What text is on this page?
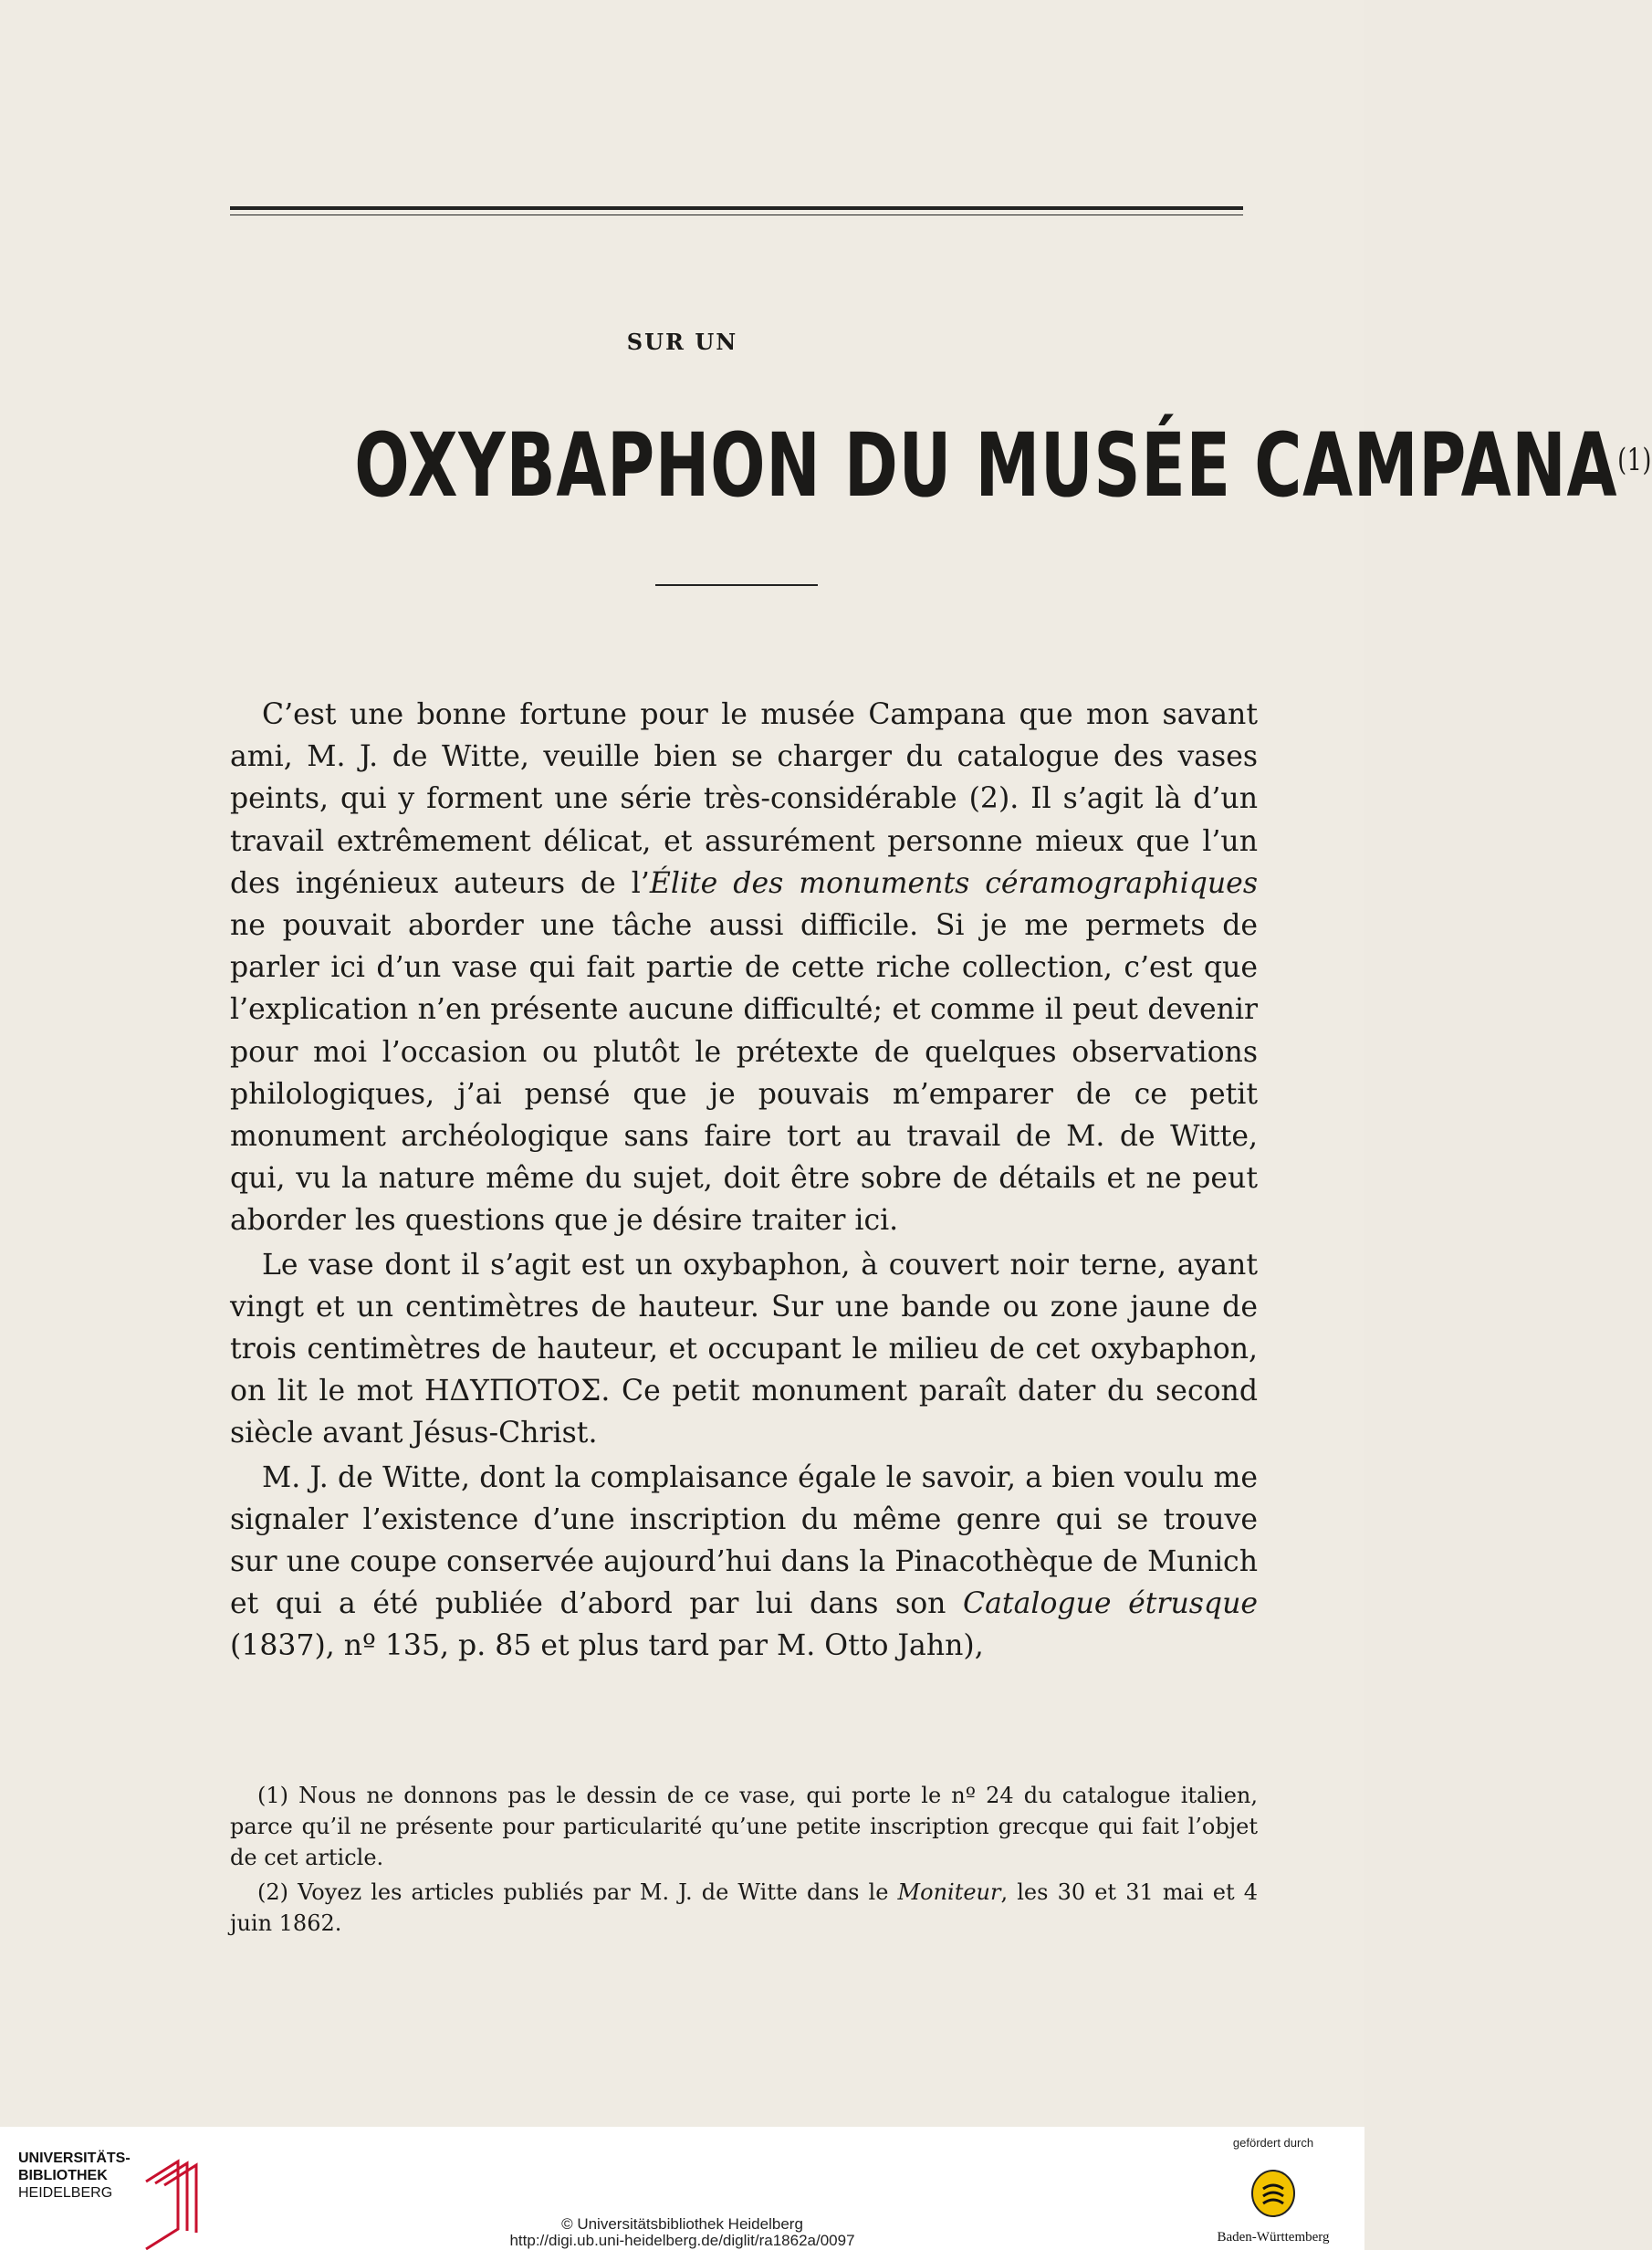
SUR UN
OXYBAPHON DU MUSÉE CAMPANA$^{(1)}$

C’est une bonne fortune pour le musée Campana que mon savant ami, M. J. de Witte, veuille bien se charger du catalogue des vases peints, qui y forment une série très-considérable (2). Il s’agit là d’un travail extrêmement délicat, et assurément personne mieux que l’un des ingénieux auteurs de l’Élite des monuments céramographiques ne pouvait aborder une tâche aussi difficile. Si je me permets de parler ici d’un vase qui fait partie de cette riche collection, c’est que l’explication n’en présente aucune difficulté; et comme il peut devenir pour moi l’occasion ou plutôt le prétexte de quelques observations philologiques, j’ai pensé que je pouvais m’emparer de ce petit monument archéologique sans faire tort au travail de M. de Witte, qui, vu la nature même du sujet, doit être sobre de détails et ne peut aborder les questions que je désire traiter ici.

Le vase dont il s’agit est un oxybaphon, à couvert noir terne, ayant vingt et un centimètres de hauteur. Sur une bande ou zone jaune de trois centimètres de hauteur, et occupant le milieu de cet oxybaphon, on lit le mot ΗΔΥΠΟΤΟΣ. Ce petit monument paraît dater du second siècle avant Jésus-Christ.

M. J. de Witte, dont la complaisance égale le savoir, a bien voulu me signaler l’existence d’une inscription du même genre qui se trouve sur une coupe conservée aujourd’hui dans la Pinacothèque de Munich et qui a été publiée d’abord par lui dans son Catalogue étrusque (1837), nº 135, p. 85 et plus tard par M. Otto Jahn),

(1) Nous ne donnons pas le dessin de ce vase, qui porte le nº 24 du catalogue italien, parce qu’il ne présente pour particularité qu’une petite inscription grecque qui fait l’objet de cet article.

(2) Voyez les articles publiés par M. J. de Witte dans le Moniteur, les 30 et 31 mai et 4 juin 1862.

UNIVERSITÄTS-
BIBLIOTHEK
HEIDELBERG
© Universitätsbibliothek Heidelberg
http://digi.ub.uni-heidelberg.de/diglit/ra1862a/0097
gefördert durch
Baden-Württemberg
